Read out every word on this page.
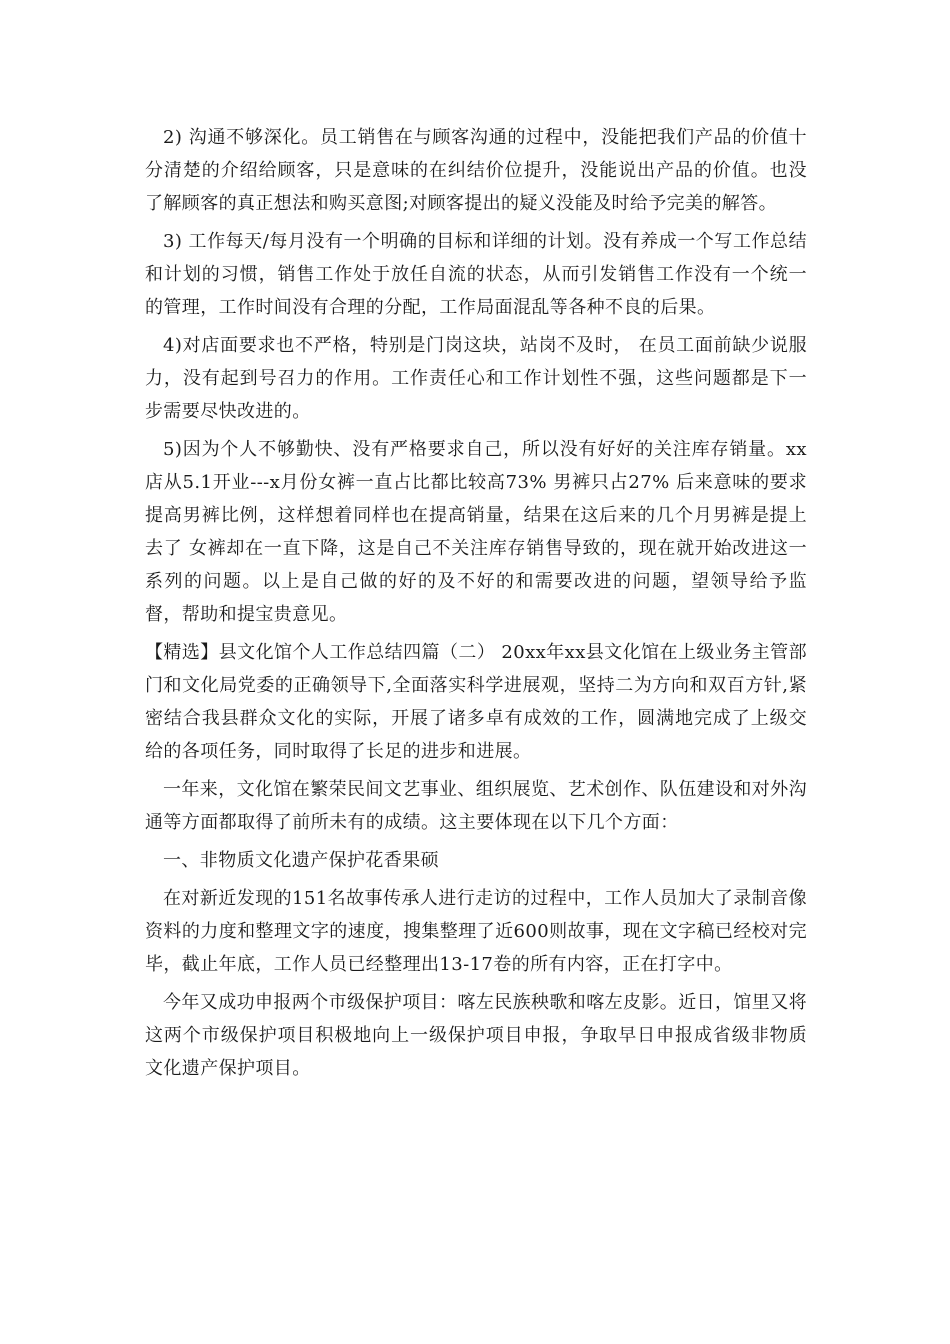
2) 沟通不够深化。员工销售在与顾客沟通的过程中，没能把我们产品的价值十分清楚的介绍给顾客，只是意味的在纠结价位提升，没能说出产品的价值。也没了解顾客的真正想法和购买意图;对顾客提出的疑义没能及时给予完美的解答。

3) 工作每天/每月没有一个明确的目标和详细的计划。没有养成一个写工作总结和计划的习惯，销售工作处于放任自流的状态，从而引发销售工作没有一个统一的管理，工作时间没有合理的分配，工作局面混乱等各种不良的后果。

4)对店面要求也不严格，特别是门岗这块，站岗不及时， 在员工面前缺少说服力，没有起到号召力的作用。工作责任心和工作计划性不强，这些问题都是下一步需要尽快改进的。

5)因为个人不够勤快、没有严格要求自己，所以没有好好的关注库存销量。xx店从5.1开业---x月份女裤一直占比都比较高73% 男裤只占27% 后来意味的要求提高男裤比例，这样想着同样也在提高销量，结果在这后来的几个月男裤是提上去了 女裤却在一直下降，这是自己不关注库存销售导致的，现在就开始改进这一系列的问题。以上是自己做的好的及不好的和需要改进的问题，望领导给予监督，帮助和提宝贵意见。

【精选】县文化馆个人工作总结四篇（二） 20xx年xx县文化馆在上级业务主管部门和文化局党委的正确领导下,全面落实科学进展观，坚持二为方向和双百方针,紧密结合我县群众文化的实际，开展了诸多卓有成效的工作，圆满地完成了上级交给的各项任务，同时取得了长足的进步和进展。

一年来，文化馆在繁荣民间文艺事业、组织展览、艺术创作、队伍建设和对外沟通等方面都取得了前所未有的成绩。这主要体现在以下几个方面：

一、非物质文化遗产保护花香果硕

在对新近发现的151名故事传承人进行走访的过程中，工作人员加大了录制音像资料的力度和整理文字的速度，搜集整理了近600则故事，现在文字稿已经校对完毕，截止年底，工作人员已经整理出13-17卷的所有内容，正在打字中。

今年又成功申报两个市级保护项目：喀左民族秧歌和喀左皮影。近日，馆里又将这两个市级保护项目积极地向上一级保护项目申报，争取早日申报成省级非物质文化遗产保护项目。
